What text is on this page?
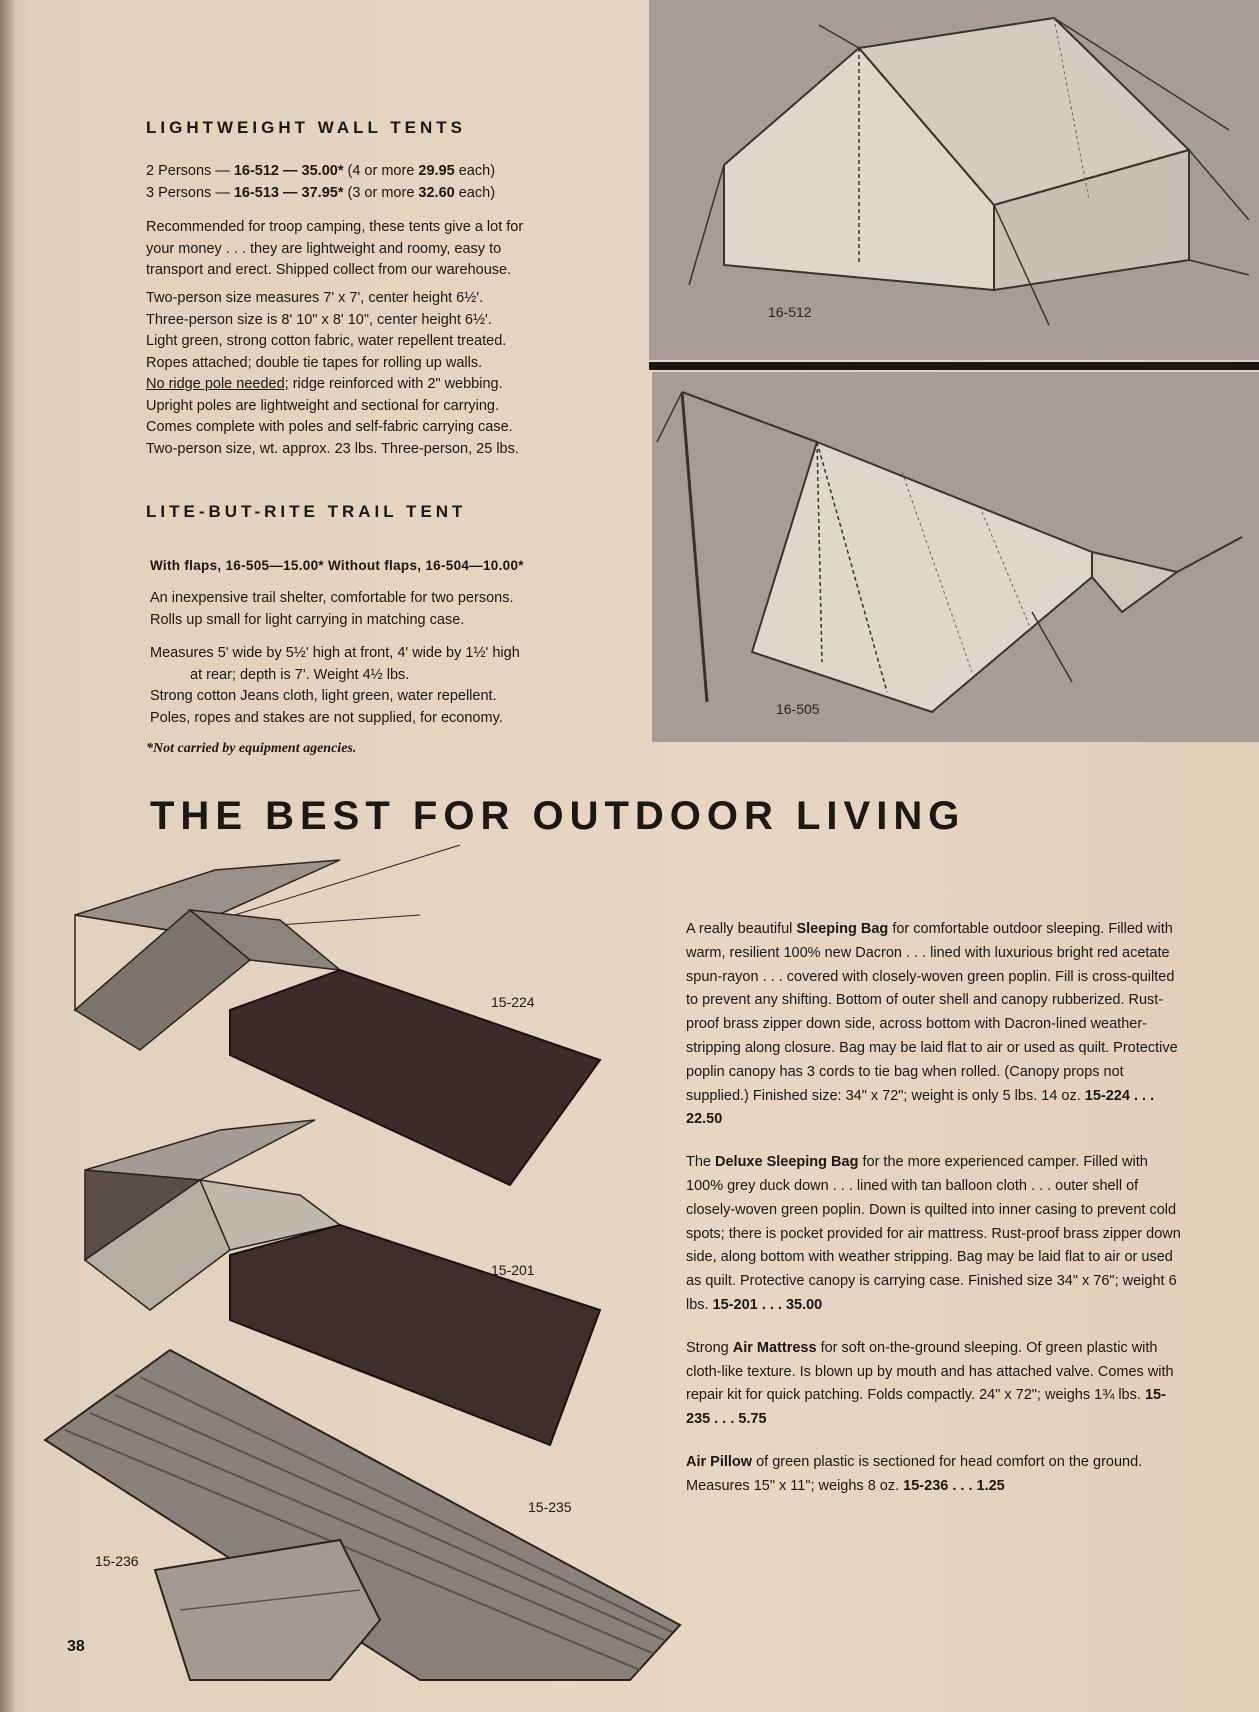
LIGHTWEIGHT WALL TENTS

2 Persons — 16-512 — 35.00* (4 or more 29.95 each)

3 Persons — 16-513 — 37.95* (3 or more 32.60 each)

Recommended for troop camping, these tents give a lot for

your money . . . they are lightweight and roomy, easy to

transport and erect. Shipped collect from our warehouse.

Two-person size measures 7' x 7', center height 6½'.

Three-person size is 8' 10" x 8' 10", center height 6½'.

Light green, strong cotton fabric, water repellent treated.

Ropes attached; double tie tapes for rolling up walls.

No ridge pole needed; ridge reinforced with 2" webbing.

Upright poles are lightweight and sectional for carrying.

Comes complete with poles and self-fabric carrying case.

Two-person size, wt. approx. 23 lbs. Three-person, 25 lbs.

LITE-BUT-RITE TRAIL TENT
With flaps, 16-505—15.00* Without flaps, 16-504—10.00*

An inexpensive trail shelter, comfortable for two persons.

Rolls up small for light carrying in matching case.

Measures 5' wide by 5½' high at front, 4' wide by 1½' high

at rear; depth is 7'. Weight 4½ lbs.

Strong cotton Jeans cloth, light green, water repellent.

Poles, ropes and stakes are not supplied, for economy.

*Not carried by equipment agencies.
16-512
16-505
THE BEST FOR OUTDOOR LIVING
15-224
15-201
15-235
15-236

A really beautiful Sleeping Bag for comfortable outdoor sleeping. Filled with warm, resilient 100% new Dacron . . . lined with luxurious bright red acetate spun-rayon . . . covered with closely-woven green poplin. Fill is cross-quilted to prevent any shifting. Bottom of outer shell and canopy rubberized. Rust-proof brass zipper down side, across bottom with Dacron-lined weather-stripping along closure. Bag may be laid flat to air or used as quilt. Protective poplin canopy has 3 cords to tie bag when rolled. (Canopy props not supplied.) Finished size: 34" x 72"; weight is only 5 lbs. 14 oz. 15-224 . . . 22.50

The Deluxe Sleeping Bag for the more experienced camper. Filled with 100% grey duck down . . . lined with tan balloon cloth . . . outer shell of closely-woven green poplin. Down is quilted into inner casing to prevent cold spots; there is pocket provided for air mattress. Rust-proof brass zipper down side, along bottom with weather stripping. Bag may be laid flat to air or used as quilt. Protective canopy is carrying case. Finished size 34" x 76"; weight 6 lbs. 15-201 . . . 35.00

Strong Air Mattress for soft on-the-ground sleeping. Of green plastic with cloth-like texture. Is blown up by mouth and has attached valve. Comes with repair kit for quick patching. Folds compactly. 24" x 72"; weighs 1¾ lbs. 15-235 . . . 5.75

Air Pillow of green plastic is sectioned for head comfort on the ground. Measures 15" x 11"; weighs 8 oz. 15-236 . . . 1.25

38
